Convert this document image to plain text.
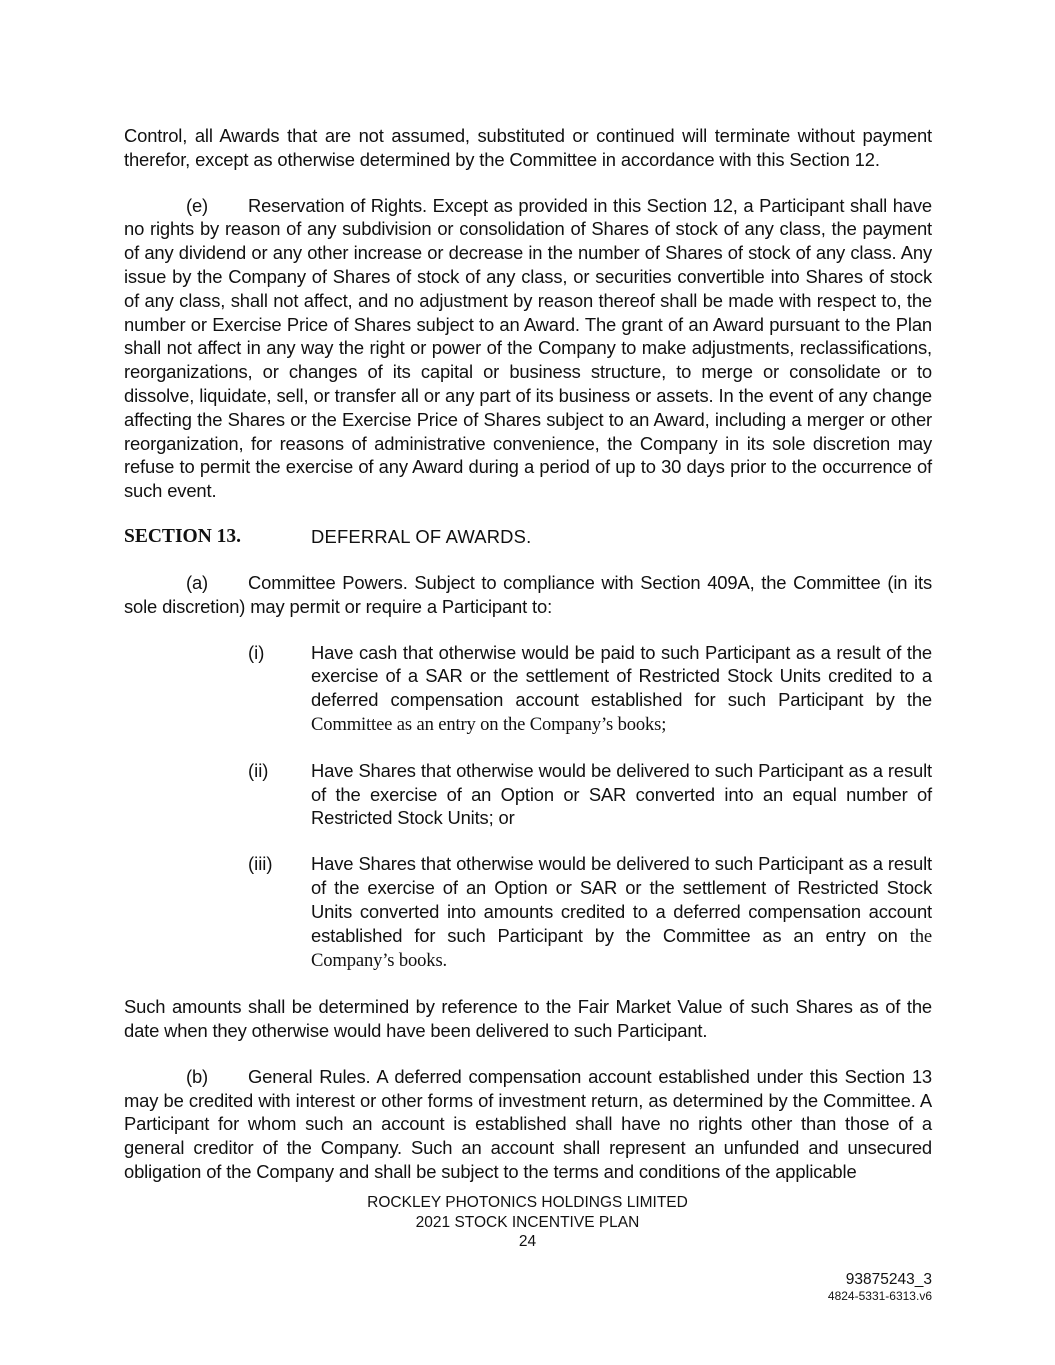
Control, all Awards that are not assumed, substituted or continued will terminate without payment therefor, except as otherwise determined by the Committee in accordance with this Section 12.

(e) Reservation of Rights. Except as provided in this Section 12, a Participant shall have no rights by reason of any subdivision or consolidation of Shares of stock of any class, the payment of any dividend or any other increase or decrease in the number of Shares of stock of any class. Any issue by the Company of Shares of stock of any class, or securities convertible into Shares of stock of any class, shall not affect, and no adjustment by reason thereof shall be made with respect to, the number or Exercise Price of Shares subject to an Award. The grant of an Award pursuant to the Plan shall not affect in any way the right or power of the Company to make adjustments, reclassifications, reorganizations, or changes of its capital or business structure, to merge or consolidate or to dissolve, liquidate, sell, or transfer all or any part of its business or assets. In the event of any change affecting the Shares or the Exercise Price of Shares subject to an Award, including a merger or other reorganization, for reasons of administrative convenience, the Company in its sole discretion may refuse to permit the exercise of any Award during a period of up to 30 days prior to the occurrence of such event.

SECTION 13.	DEFERRAL OF AWARDS.

(a) Committee Powers. Subject to compliance with Section 409A, the Committee (in its sole discretion) may permit or require a Participant to:

(i)	Have cash that otherwise would be paid to such Participant as a result of the exercise of a SAR or the settlement of Restricted Stock Units credited to a deferred compensation account established for such Participant by the Committee as an entry on the Company’s books;
(ii) Have Shares that otherwise would be delivered to such Participant as a result of the exercise of an Option or SAR converted into an equal number of Restricted Stock Units; or
(iii) Have Shares that otherwise would be delivered to such Participant as a result of the exercise of an Option or SAR or the settlement of Restricted Stock Units converted into amounts credited to a deferred compensation account established for such Participant by the Committee as an entry on the Company’s books.

Such amounts shall be determined by reference to the Fair Market Value of such Shares as of the date when they otherwise would have been delivered to such Participant.

(b) General Rules. A deferred compensation account established under this Section 13 may be credited with interest or other forms of investment return, as determined by the Committee. A Participant for whom such an account is established shall have no rights other than those of a general creditor of the Company. Such an account shall represent an unfunded and unsecured obligation of the Company and shall be subject to the terms and conditions of the applicable

ROCKLEY PHOTONICS HOLDINGS LIMITED
2021 STOCK INCENTIVE PLAN
24
93875243_3
4824-5331-6313.v6
